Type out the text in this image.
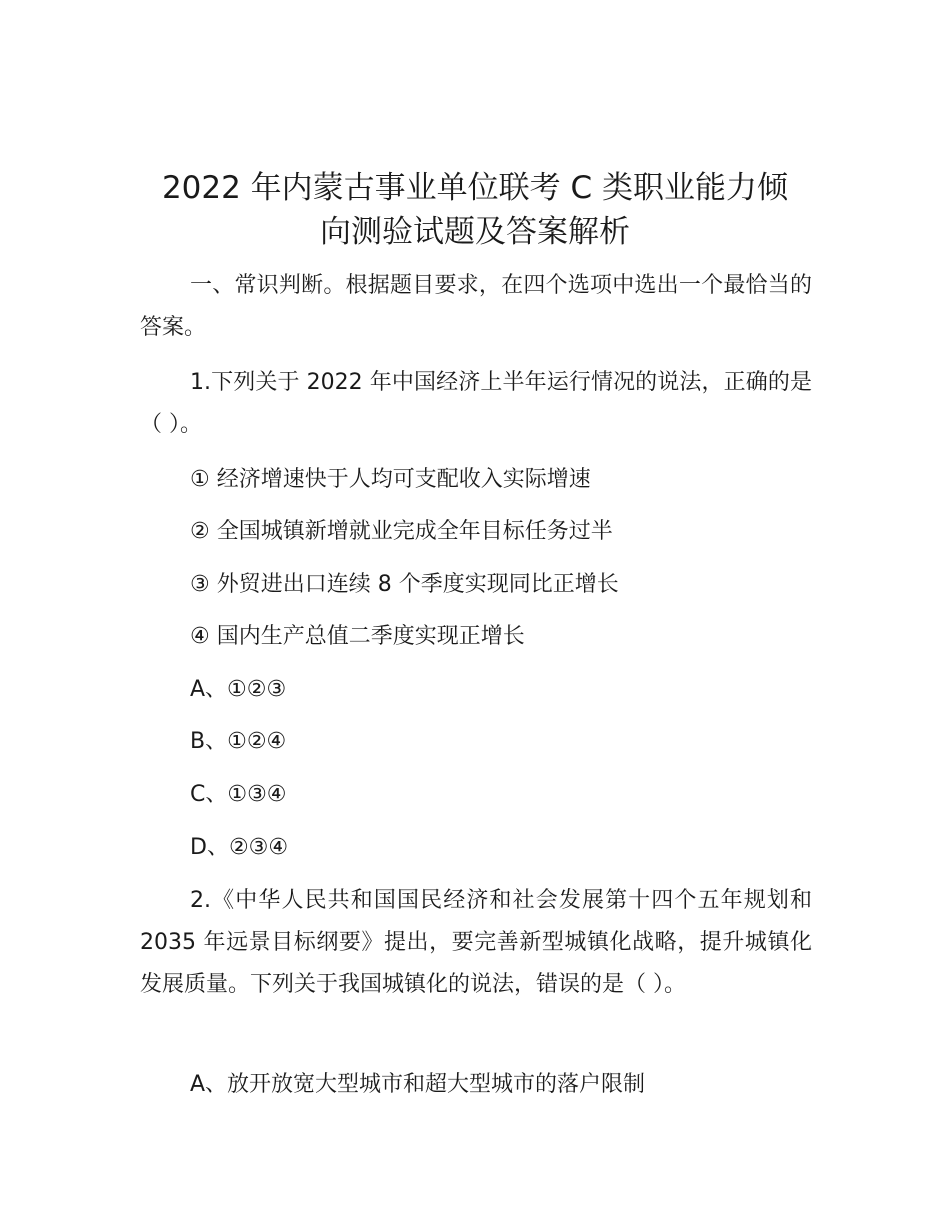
2022 年内蒙古事业单位联考 C 类职业能力倾
向测验试题及答案解析

一、常识判断。根据题目要求，在四个选项中选出一个最恰当的答案。

1.下列关于 2022 年中国经济上半年运行情况的说法，正确的是（ ）。

① 经济增速快于人均可支配收入实际增速

② 全国城镇新增就业完成全年目标任务过半

③ 外贸进出口连续 8 个季度实现同比正增长

④ 国内生产总值二季度实现正增长

A、①②③

B、①②④

C、①③④

D、②③④

2.《中华人民共和国国民经济和社会发展第十四个五年规划和 2035 年远景目标纲要》提出，要完善新型城镇化战略，提升城镇化发展质量。下列关于我国城镇化的说法，错误的是（ ）。

A、放开放宽大型城市和超大型城市的落户限制
